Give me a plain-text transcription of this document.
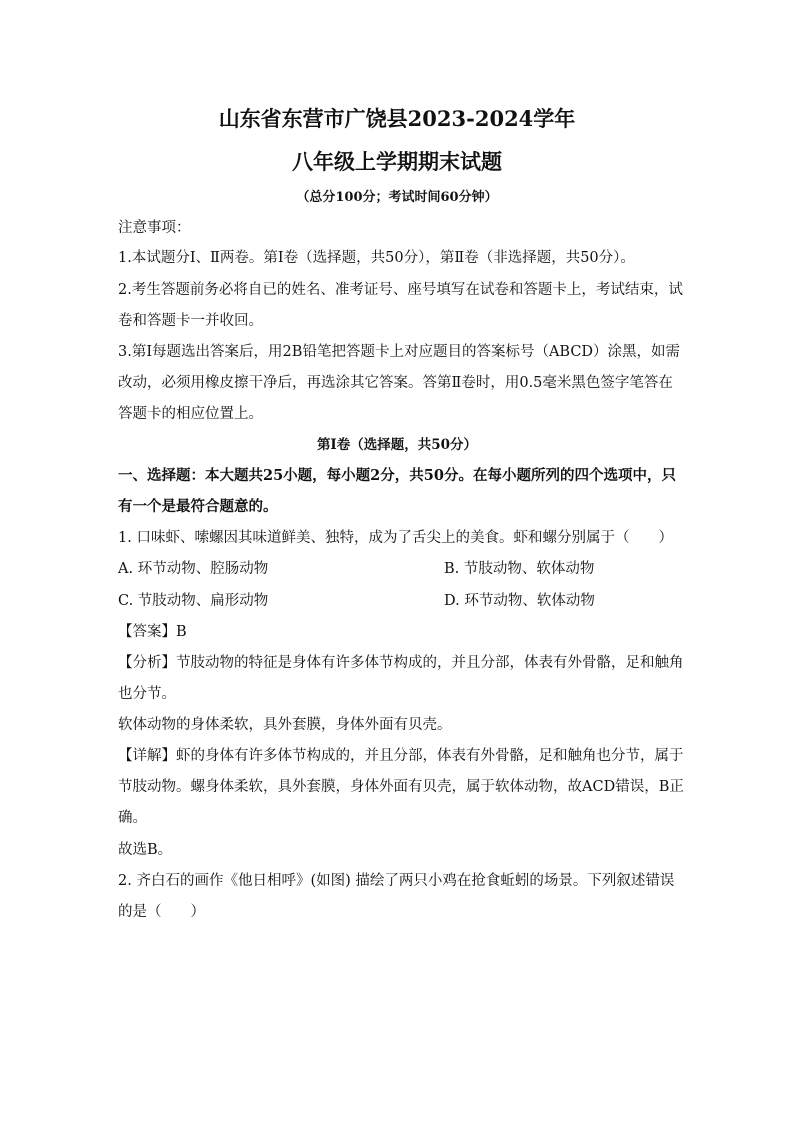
山东省东营市广饶县2023-2024学年
八年级上学期期末试题
（总分100分；考试时间60分钟）
注意事项：
1.本试题分Ⅰ、Ⅱ两卷。第Ⅰ卷（选择题，共50分），第Ⅱ卷（非选择题，共50分）。
2.考生答题前务必将自已的姓名、准考证号、座号填写在试卷和答题卡上，考试结束，试
卷和答题卡一并收回。
3.第Ⅰ每题选出答案后，用2B铅笔把答题卡上对应题目的答案标号（ABCD）涂黑，如需
改动，必须用橡皮擦干净后，再选涂其它答案。答第Ⅱ卷时，用0.5毫米黑色签字笔答在
答题卡的相应位置上。
第Ⅰ卷（选择题，共50分）
一、选择题：本大题共25小题，每小题2分，共50分。在每小题所列的四个选项中，只
有一个是最符合题意的。
1. 口味虾、嗦螺因其味道鲜美、独特，成为了舌尖上的美食。虾和螺分别属于（　　）
A. 环节动物、腔肠动物	B. 节肢动物、软体动物
C. 节肢动物、扁形动物	D. 环节动物、软体动物
【答案】B
【分析】节肢动物的特征是身体有许多体节构成的，并且分部，体表有外骨骼，足和触角
也分节。
软体动物的身体柔软，具外套膜，身体外面有贝壳。
【详解】虾的身体有许多体节构成的，并且分部，体表有外骨骼，足和触角也分节，属于
节肢动物。螺身体柔软，具外套膜，身体外面有贝壳，属于软体动物，故ACD错误，B正
确。
故选B。
2. 齐白石的画作《他日相呼》(如图) 描绘了两只小鸡在抢食蚯蚓的场景。下列叙述错误
的是（　　）
